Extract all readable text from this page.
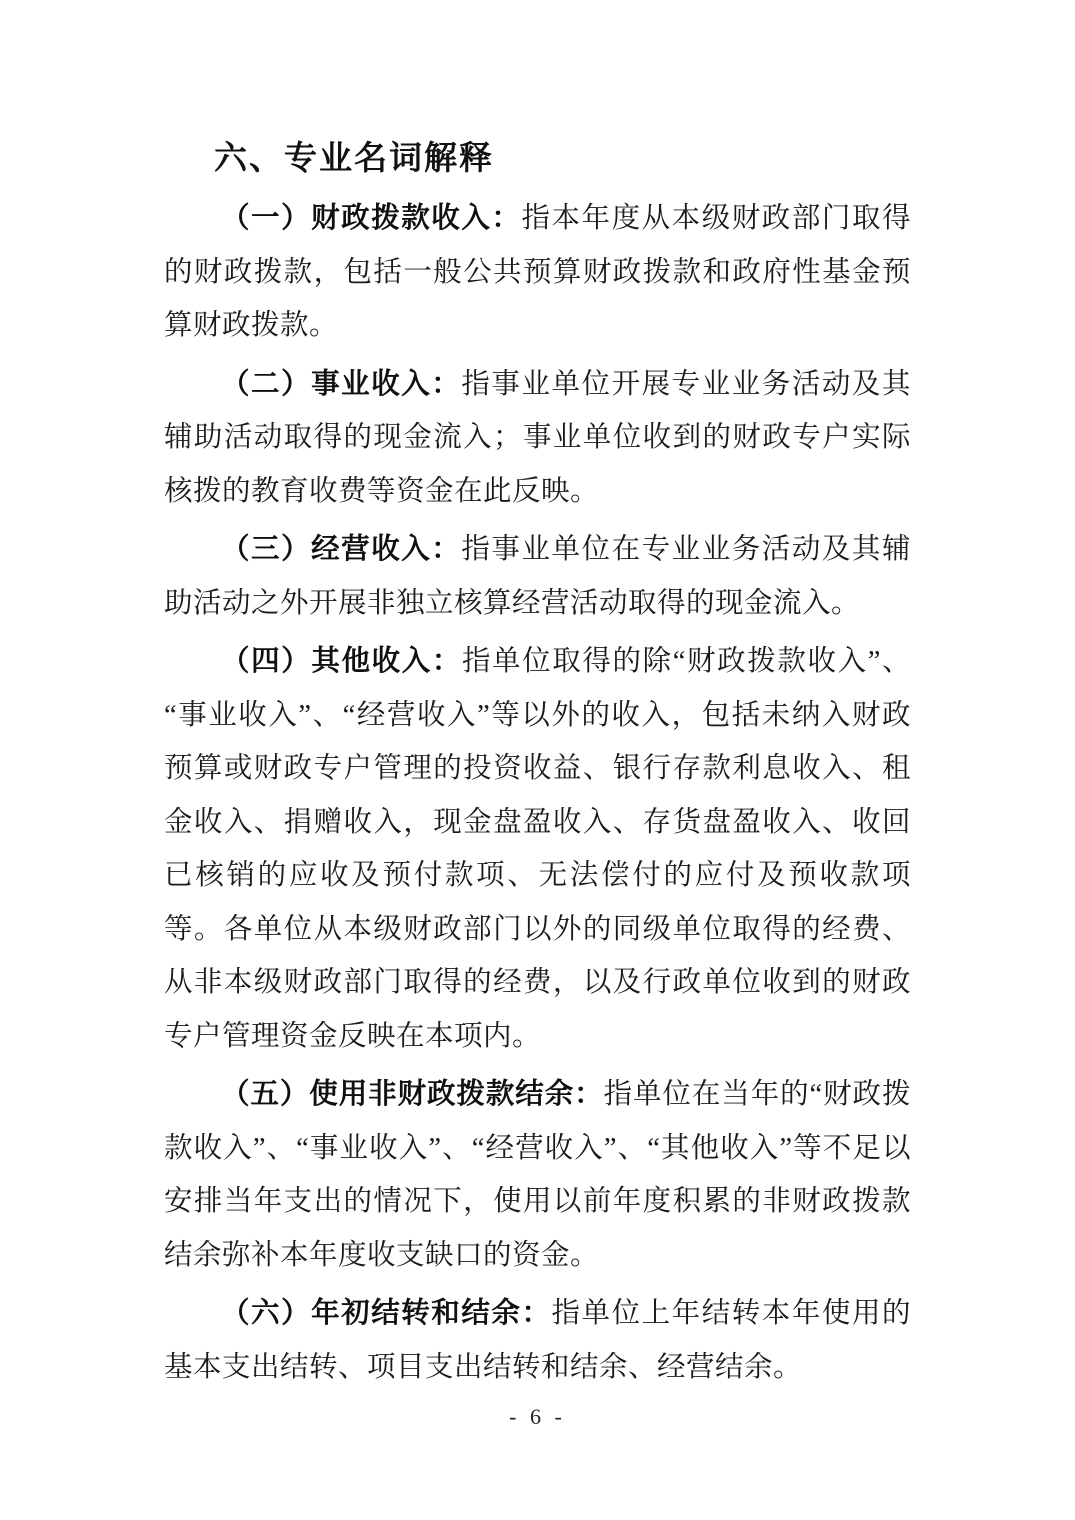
六、专业名词解释

（一）财政拨款收入：指本年度从本级财政部门取得的财政拨款，包括一般公共预算财政拨款和政府性基金预算财政拨款。

（二）事业收入：指事业单位开展专业业务活动及其辅助活动取得的现金流入；事业单位收到的财政专户实际核拨的教育收费等资金在此反映。

（三）经营收入：指事业单位在专业业务活动及其辅助活动之外开展非独立核算经营活动取得的现金流入。

（四）其他收入：指单位取得的除“财政拨款收入”、“事业收入”、“经营收入”等以外的收入，包括未纳入财政预算或财政专户管理的投资收益、银行存款利息收入、租金收入、捐赠收入，现金盘盈收入、存货盘盈收入、收回已核销的应收及预付款项、无法偿付的应付及预收款项等。各单位从本级财政部门以外的同级单位取得的经费、从非本级财政部门取得的经费，以及行政单位收到的财政专户管理资金反映在本项内。

（五）使用非财政拨款结余：指单位在当年的“财政拨款收入”、“事业收入”、“经营收入”、“其他收入”等不足以安排当年支出的情况下，使用以前年度积累的非财政拨款结余弥补本年度收支缺口的资金。

（六）年初结转和结余：指单位上年结转本年使用的基本支出结转、项目支出结转和结余、经营结余。

- 6 -
